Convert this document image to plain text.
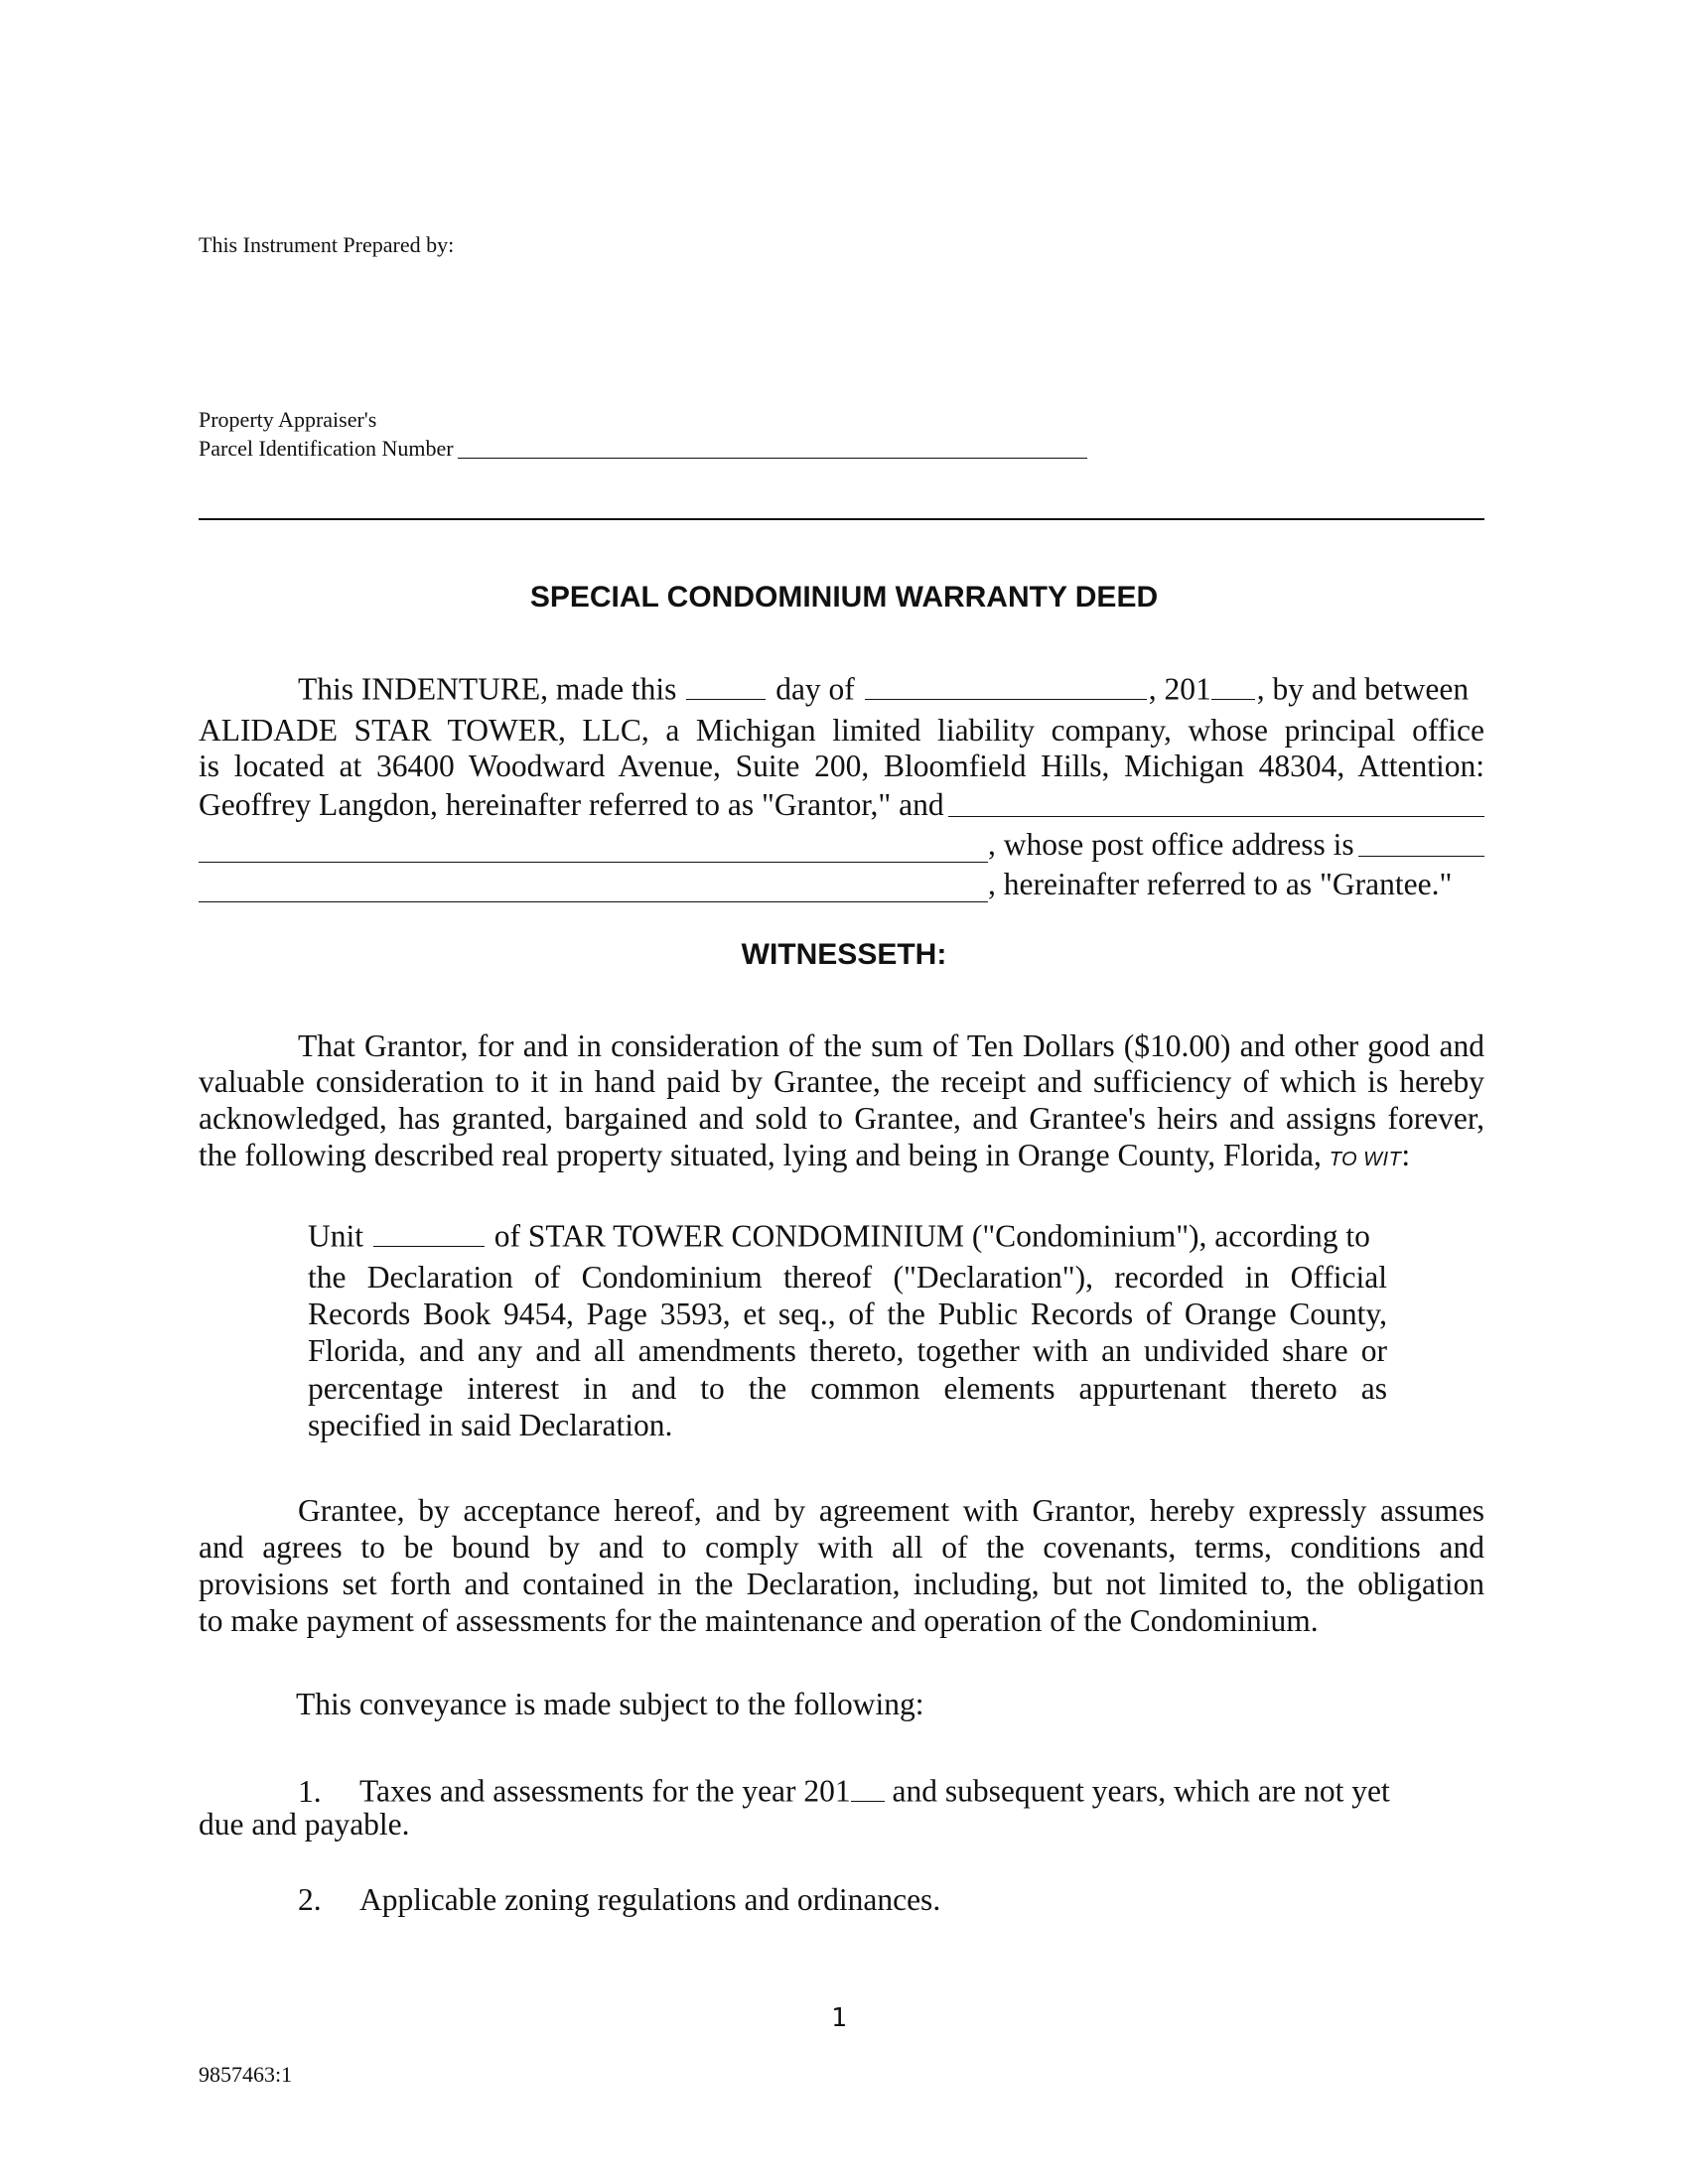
This Instrument Prepared by:
Property Appraiser's
Parcel Identification Number
SPECIAL CONDOMINIUM WARRANTY DEED
This INDENTURE, made this	day of	, 201 , by and between
ALIDADE STAR TOWER, LLC, a Michigan limited liability company, whose principal office
is located at 36400 Woodward Avenue, Suite 200, Bloomfield Hills, Michigan 48304, Attention:
Geoffrey Langdon, hereinafter referred to as "Grantor," and
, whose post office address is
, hereinafter referred to as "Grantee."
WITNESSETH:
That Grantor, for and in consideration of the sum of Ten Dollars ($10.00) and other good and
valuable consideration to it in hand paid by Grantee, the receipt and sufficiency of which is hereby
acknowledged, has granted, bargained and sold to Grantee, and Grantee's heirs and assigns forever,
the following described real property situated, lying and being in Orange County, Florida, TO WIT:
Unit	of STAR TOWER CONDOMINIUM ("Condominium"), according to
the Declaration of Condominium thereof ("Declaration"), recorded in Official
Records Book 9454, Page 3593, et seq., of the Public Records of Orange County,
Florida, and any and all amendments thereto, together with an undivided share or
percentage interest in and to the common elements appurtenant thereto as
specified in said Declaration.
Grantee, by acceptance hereof, and by agreement with Grantor, hereby expressly assumes
and agrees to be bound by and to comply with all of the covenants, terms, conditions and
provisions set forth and contained in the Declaration, including, but not limited to, the obligation
to make payment of assessments for the maintenance and operation of the Condominium.
This conveyance is made subject to the following:
1. Taxes and assessments for the year 201 and subsequent years, which are not yet
due and payable.
2. Applicable zoning regulations and ordinances.
1
9857463:1
